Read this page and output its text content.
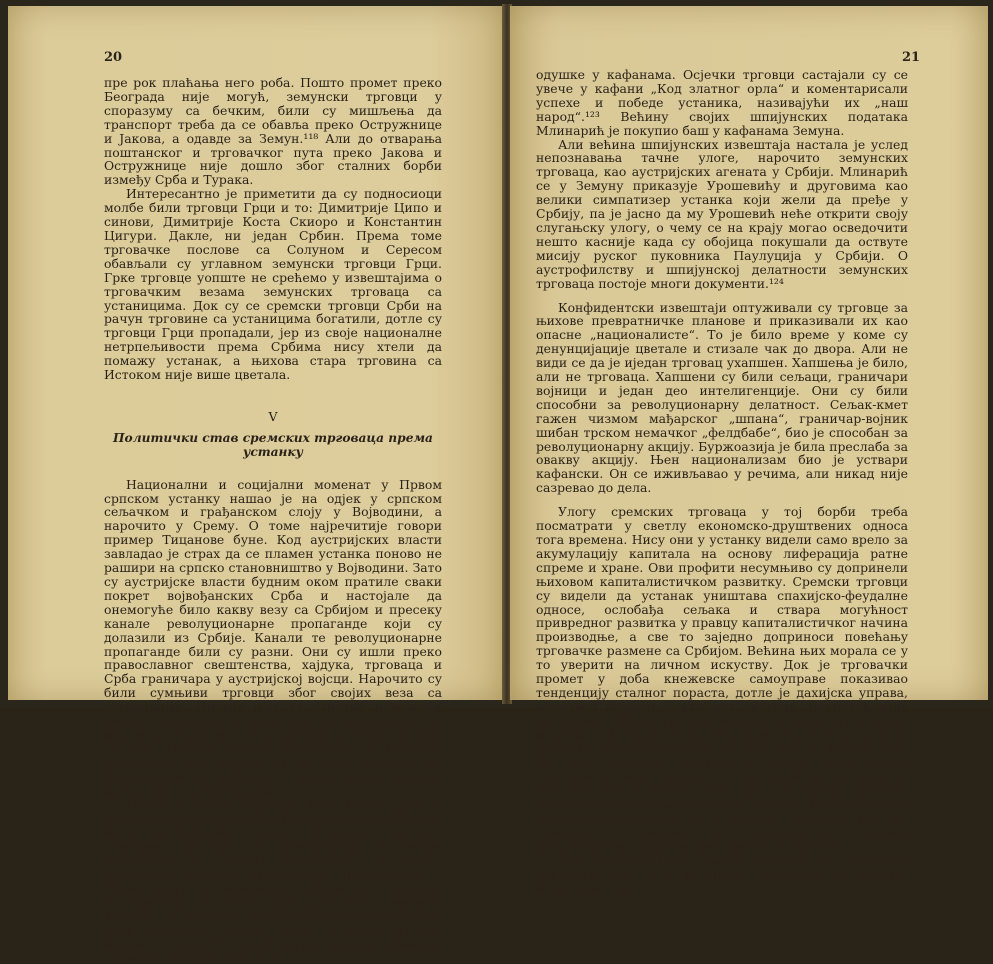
20

пре рок плаћања него роба. Пошто промет преко Београда није могућ, земунски трговци у споразуму са бечким, били су мишљења да транспорт треба да се обавља преко Остружнице и Јакова, а одавде за Земун.¹¹⁸ Али до отварања поштанског и трговачког пута преко Јакова и Остружнице није дошло због сталних борби између Срба и Турака.

Интересантно је приметити да су подносиоци молбе били трговци Грци и то: Димитрије Ципо и синови, Димитрије Коста Скиоро и Константин Цигури. Дакле, ни један Србин. Према томе трговачке послове са Солуном и Сересом обављали су углавном земунски трговци Грци. Грке трговце уопште не срећемо у извештајима о трговачким везама земунских трговаца са устаницима. Док су се сремски трговци Срби на рачун трговине са устаницима богатили, дотле су трговци Грци пропадали, јер из своје националне нетрпељивости према Србима нису хтели да помажу устанак, а њихова стара трговина са Истоком није више цветала.

V
Политички став сремских трговаца према устанку

Национални и социјални моменат у Првом српском устанку нашао је на одјек у српском сељачком и грађанском слоју у Војводини, а нарочито у Срему. О томе најречитије говори пример Тицанове буне. Код аустријских власти завладао је страх да се пламен устанка поново не рашири на српско становништво у Војводини. Зато су аустријске власти будним оком пратиле сваки покрет војвођанских Срба и настојале да онемогуће било какву везу са Србијом и пресеку канале револуционарне пропаганде који су долазили из Србије. Канали те револуционарне пропаганде били су разни. Они су ишли преко православног свештенства, хајдука, трговаца и Срба граничара у аустријској војсци. Нарочито су били сумњиви трговци због својих веза са устаницима. Против њих су стизали извештаји вишим властима, а више власти наређивале су нижим да будно мотре на трговце и онемогућавају те везе. Трговца Алексу Селаковића из Сремске Митровице оптуживали су да води преписку са Карађорђем, да снабдева устаничку војску, и врши пропаганду за Карађорђа.¹¹⁹

После угушења Тицанове буне бечки двор је послао познатог шпијуна Емерика Млинарића да пропутује Војводину, Србију и Румунију и испита тамошње прилике. У извештајима о својим открићима у Земуну Млинарић је нешто оптуживао земунске трговце као превратнике.¹²⁰ Поред њега осумњичених земунских трговаца осумњичени су били Драгутин Милутиновић, Малер¹²¹ и земунски грађани Ђуришко и Самојло, који састављају српске песме и певају их без икаквог страха.¹²² Својим патриотским осећањима сремски трговци давали су

21

одушке у кафанама. Осјечки трговци састајали су се увече у кафани „Код златног орла“ и коментарисали успехе и победе устаника, називајући их „наш народ“.¹²³ Већину својих шпијунских података Млинарић је покупио баш у кафанама Земуна.

Али већина шпијунских извештаја настала је услед непознавања тачне улоге, нарочито земунских трговаца, као аустријских агената у Србији. Млинарић се у Земуну приказује Урошевићу и друговима као велики симпатизер устанка који жели да пређе у Србију, па је јасно да му Урошевић неће открити своју слугањску улогу, о чему се на крају могао осведочити нешто касније када су обојица покушали да оствуте мисију руског пуковника Паулуција у Србији. О аустрофилству и шпијунској делатности земунских трговаца постоје многи документи.¹²⁴

Конфидентски извештаји оптуживали су трговце за њихове превратничке планове и приказивали их као опасне „националисте“. То је било време у коме су денунцијације цветале и стизале чак до двора. Али не види се да је иједан трговац ухапшен. Хапшења је било, али не трговаца. Хапшени су били сељаци, граничари војници и један део интелигенције. Они су били способни за револуционарну делатност. Сељак-кмет гажен чизмом мађарског „шпана“, граничар-војник шибан трском немачког „фелдбабе“, био је способан за револуционарну акцију. Буржоазија је била преслаба за овакву акцију. Њен национализам био је уствари кафански. Он се иживљавао у речима, али никад није сазревао до дела.

Улогу сремских трговаца у тој борби треба посматрати у светлу економско-друштвених односа тога времена. Нису они у устанку видели само врело за акумулацију капитала на основу лиферација ратне спреме и хране. Ови профити несумњиво су допринели њиховом капиталистичком развитку. Сремски трговци су видели да устанак уништава спахијско-феудалне односе, ослобађа сељака и ствара могућност привредног развитка у правцу капиталистичког начина производње, а све то заједно доприноси повећању трговачке размене са Србијом. Већина њих морала се у то уверити на личном искуству. Док је трговачки промет у доба кнежевске самоуправе показивао тенденцију сталног пораста, дотле је дахијска управа, произвол нзадног спахијског система, онемогућавала тај промет. Многи трговци морали су напустити Србију и прећи у Аустрију. Баш међу њима било је тих које је дахијски режим приморао на емиграцију. Према томе на став сремских трговаца и њихов однос према српском устанку утицала су три чиниоца: патриотска осећања која је устанак потстакао, трговачки профити остварени лиферацијама ратне спреме и намирница и економско-друштвене и политичке промене које су стварале устанком и доприносиле даљем продубљивању трговинских односа са Србијом.

Али за време Првог српског устанка они су морали одредити свој став и према званичној аустријској политици у срп-
